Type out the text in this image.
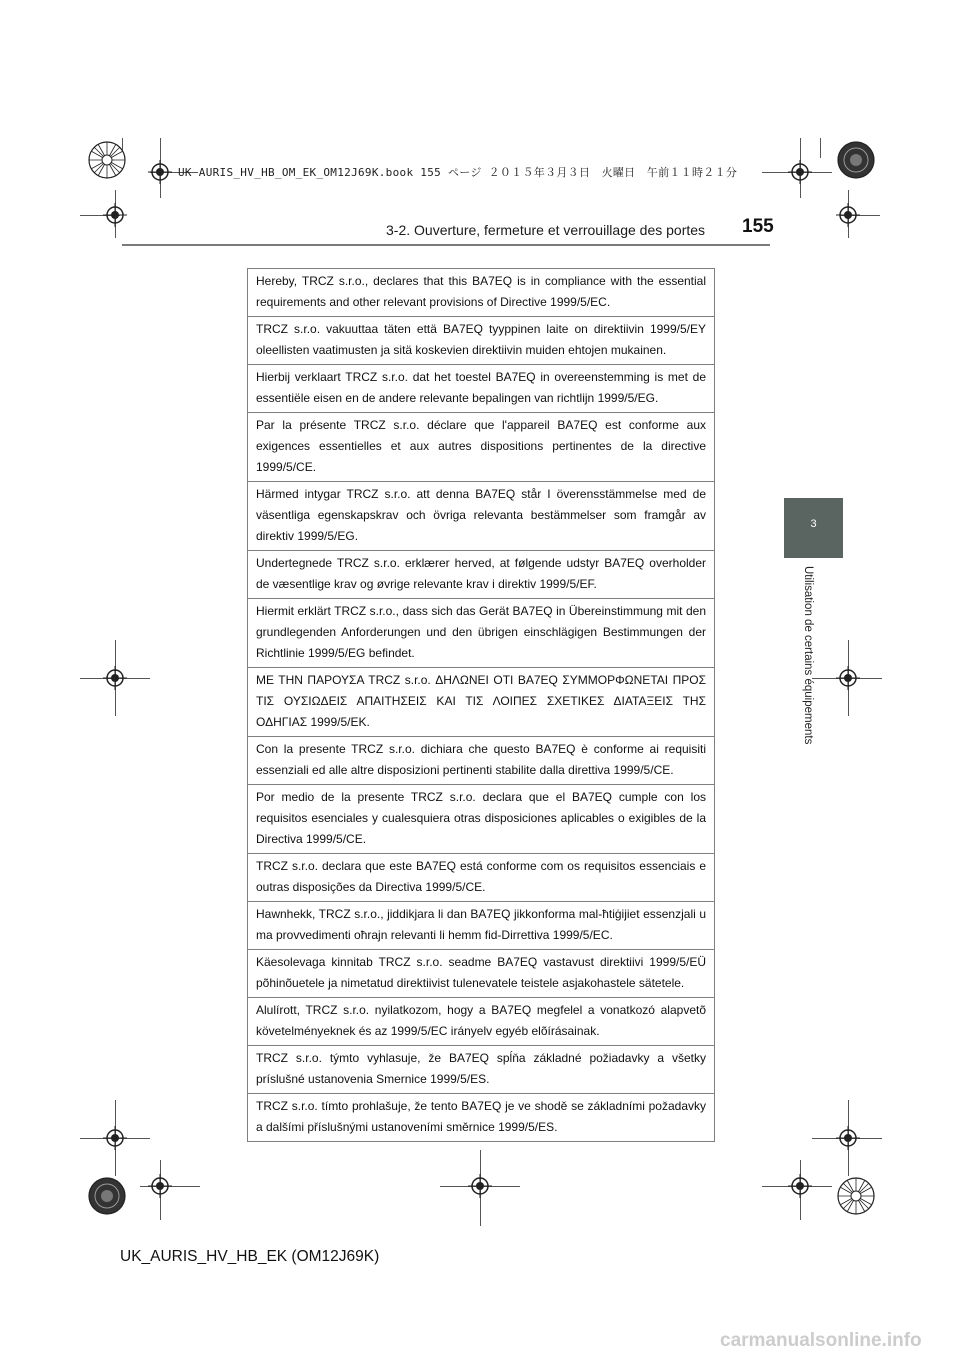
UK AURIS_HV_HB_OM_EK_OM12J69K.book 155 ページ ２０１５年３月３日　火曜日　午前１１時２１分
3-2. Ouverture, fermeture et verrouillage des portes 155
3
Utilisation de certains équipements
Hereby, TRCZ s.r.o., declares that this BA7EQ is in compliance with the essential requirements and other relevant provisions of Directive 1999/5/EC.
TRCZ s.r.o. vakuuttaa täten että BA7EQ tyyppinen laite on direktiivin 1999/5/EY oleellisten vaatimusten ja sitä koskevien direktiivin muiden ehtojen mukainen.
Hierbij verklaart TRCZ s.r.o. dat het toestel BA7EQ in overeenstemming is met de essentiële eisen en de andere relevante bepalingen van richtlijn 1999/5/EG.
Par la présente TRCZ s.r.o. déclare que l'appareil BA7EQ est conforme aux exigences essentielles et aux autres dispositions pertinentes de la directive 1999/5/CE.
Härmed intygar TRCZ s.r.o. att denna BA7EQ står I överensstämmelse med de väsentliga egenskapskrav och övriga relevanta bestämmelser som framgår av direktiv 1999/5/EG.
Undertegnede TRCZ s.r.o. erklærer herved, at følgende udstyr BA7EQ overholder de væsentlige krav og øvrige relevante krav i direktiv 1999/5/EF.
Hiermit erklärt TRCZ s.r.o., dass sich das Gerät BA7EQ in Übereinstimmung mit den grundlegenden Anforderungen und den übrigen einschlägigen Bestimmungen der Richtlinie 1999/5/EG befindet.
ΜΕ ΤΗΝ ΠΑΡΟΥΣΑ TRCZ s.r.o. ΔΗΛΩΝΕΙ ΟΤΙ BA7EQ ΣΥΜΜΟΡΦΩΝΕΤΑΙ ΠΡΟΣ ΤΙΣ ΟΥΣΙΩΔΕΙΣ ΑΠΑΙΤΗΣΕΙΣ ΚΑΙ ΤΙΣ ΛΟΙΠΕΣ ΣΧΕΤΙΚΕΣ ΔΙΑΤΑΞΕΙΣ ΤΗΣ ΟΔΗΓΙΑΣ 1999/5/ΕΚ.
Con la presente TRCZ s.r.o. dichiara che questo BA7EQ è conforme ai requisiti essenziali ed alle altre disposizioni pertinenti stabilite dalla direttiva 1999/5/CE.
Por medio de la presente TRCZ s.r.o. declara que el BA7EQ cumple con los requisitos esenciales y cualesquiera otras disposiciones aplicables o exigibles de la Directiva 1999/5/CE.
TRCZ s.r.o. declara que este BA7EQ está conforme com os requisitos essenciais e outras disposições da Directiva 1999/5/CE.
Hawnhekk, TRCZ s.r.o., jiddikjara li dan BA7EQ jikkonforma mal-ħtiġijiet essenzjali u ma provvedimenti oħrajn relevanti li hemm fid-Dirrettiva 1999/5/EC.
Käesolevaga kinnitab TRCZ s.r.o. seadme BA7EQ vastavust direktiivi 1999/5/EÜ põhinõuetele ja nimetatud direktiivist tulenevatele teistele asjakohastele sätetele.
Alulírott, TRCZ s.r.o. nyilatkozom, hogy a BA7EQ megfelel a vonatkozó alapvetõ követelményeknek és az 1999/5/EC irányelv egyéb elõírásainak.
TRCZ s.r.o. týmto vyhlasuje, že BA7EQ spĺňa základné požiadavky a všetky príslušné ustanovenia Smernice 1999/5/ES.
TRCZ s.r.o. tímto prohlašuje, že tento BA7EQ je ve shodě se základními požadavky a dalšími příslušnými ustanoveními směrnice 1999/5/ES.
UK_AURIS_HV_HB_EK (OM12J69K)
carmanualsonline.info
